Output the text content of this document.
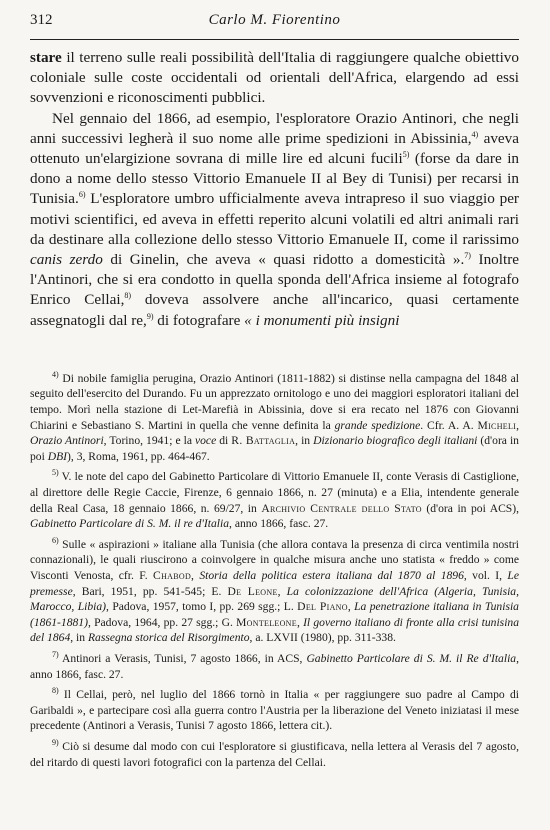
312	Carlo M. Fiorentino

stare il terreno sulle reali possibilità dell'Italia di raggiungere qualche obiettivo coloniale sulle coste occidentali od orientali dell'Africa, elargendo ad essi sovvenzioni e riconoscimenti pubblici.

Nel gennaio del 1866, ad esempio, l'esploratore Orazio Antinori, che negli anni successivi legherà il suo nome alle prime spedizioni in Abissinia,$^{4)}$ aveva ottenuto un'elargizione sovrana di mille lire ed alcuni fucili$^{5)}$ (forse da dare in dono a nome dello stesso Vittorio Emanuele II al Bey di Tunisi) per recarsi in Tunisia.$^{6)}$ L'esploratore umbro ufficialmente aveva intrapreso il suo viaggio per motivi scientifici, ed aveva in effetti reperito alcuni volatili ed altri animali rari da destinare alla collezione dello stesso Vittorio Emanuele II, come il rarissimo canis zerdo di Ginelin, che aveva « quasi ridotto a domesticità ».$^{7)}$ Inoltre l'Antinori, che si era condotto in quella sponda dell'Africa insieme al fotografo Enrico Cellai,$^{8)}$ doveva assolvere anche all'incarico, quasi certamente assegnatogli dal re,$^{9)}$ di fotografare « i monumenti più insigni

$^{4)}$ Di nobile famiglia perugina, Orazio Antinori (1811-1882) si distinse nella campagna del 1848 al seguito dell'esercito del Durando. Fu un apprezzato ornitologo e uno dei maggiori esploratori italiani del tempo. Morì nella stazione di Let-Marefià in Abissinia, dove si era recato nel 1876 con Giovanni Chiarini e Sebastiano S. Martini in quella che venne definita la grande spedizione. Cfr. A. A. Micheli, Orazio Antinori, Torino, 1941; e la voce di R. Battaglia, in Dizionario biografico degli italiani (d'ora in poi DBI), 3, Roma, 1961, pp. 464-467.

$^{5)}$ V. le note del capo del Gabinetto Particolare di Vittorio Emanuele II, conte Verasis di Castiglione, al direttore delle Regie Caccie, Firenze, 6 gennaio 1866, n. 27 (minuta) e a Elia, intendente generale della Real Casa, 18 gennaio 1866, n. 69/27, in Archivio Centrale dello Stato (d'ora in poi ACS), Gabinetto Particolare di S. M. il re d'Italia, anno 1866, fasc. 27.

$^{6)}$ Sulle « aspirazioni » italiane alla Tunisia (che allora contava la presenza di circa ventimila nostri connazionali), le quali riuscirono a coinvolgere in qualche misura anche uno statista « freddo » come Visconti Venosta, cfr. F. Chabod, Storia della politica estera italiana dal 1870 al 1896, vol. I, Le premesse, Bari, 1951, pp. 541-545; E. De Leone, La colonizzazione dell'Africa (Algeria, Tunisia, Marocco, Libia), Padova, 1957, tomo I, pp. 269 sgg.; L. Del Piano, La penetrazione italiana in Tunisia (1861-1881), Padova, 1964, pp. 27 sgg.; G. Monteleone, Il governo italiano di fronte alla crisi tunisina del 1864, in Rassegna storica del Risorgimento, a. LXVII (1980), pp. 311-338.

$^{7)}$ Antinori a Verasis, Tunisi, 7 agosto 1866, in ACS, Gabinetto Particolare di S. M. il Re d'Italia, anno 1866, fasc. 27.

$^{8)}$ Il Cellai, però, nel luglio del 1866 tornò in Italia « per raggiungere suo padre al Campo di Garibaldi », e partecipare così alla guerra contro l'Austria per la liberazione del Veneto iniziatasi il mese precedente (Antinori a Verasis, Tunisi 7 agosto 1866, lettera cit.).

$^{9)}$ Ciò si desume dal modo con cui l'esploratore si giustificava, nella lettera al Verasis del 7 agosto, del ritardo di questi lavori fotografici con la partenza del Cellai.
